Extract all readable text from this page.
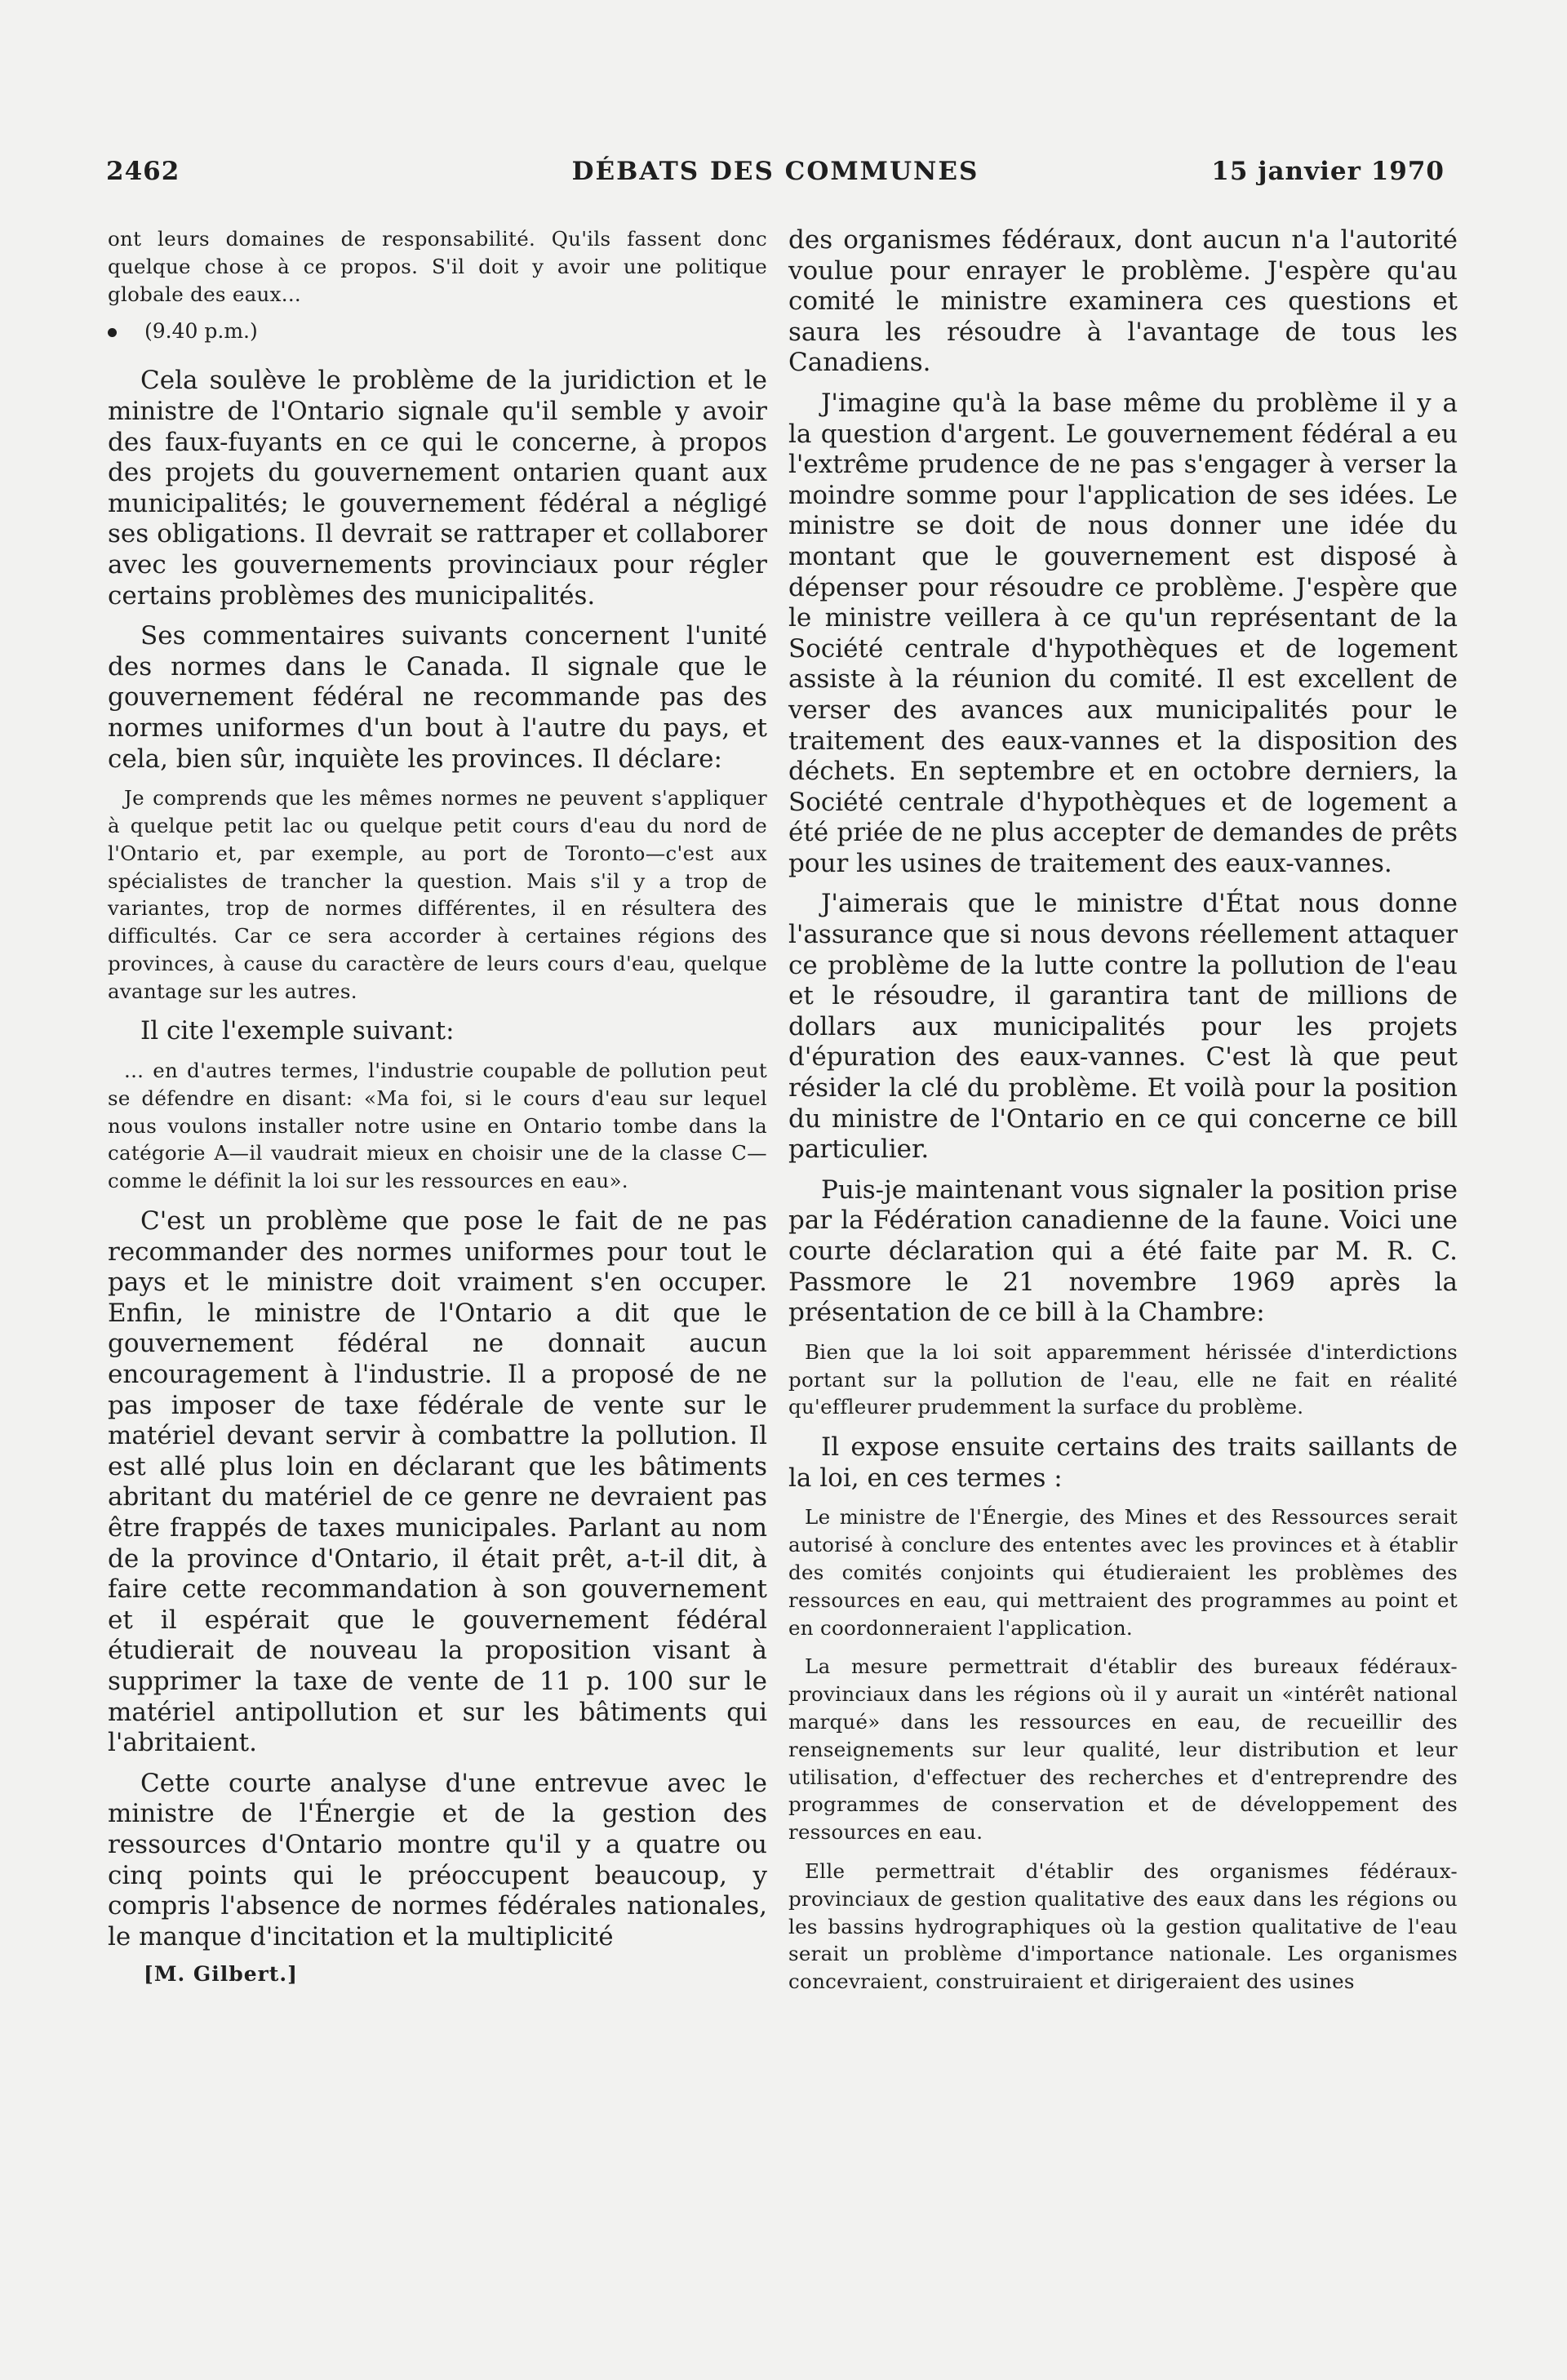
2462	DÉBATS DES COMMUNES	15 janvier 1970

ont leurs domaines de responsabilité. Qu'ils fassent donc quelque chose à ce propos. S'il doit y avoir une politique globale des eaux...

(9.40 p.m.)

Cela soulève le problème de la juridiction et le ministre de l'Ontario signale qu'il semble y avoir des faux-fuyants en ce qui le concerne, à propos des projets du gouvernement ontarien quant aux municipalités; le gouvernement fédéral a négligé ses obligations. Il devrait se rattraper et collaborer avec les gouvernements provinciaux pour régler certains problèmes des municipalités.

Ses commentaires suivants concernent l'unité des normes dans le Canada. Il signale que le gouvernement fédéral ne recommande pas des normes uniformes d'un bout à l'autre du pays, et cela, bien sûr, inquiète les provinces. Il déclare:

Je comprends que les mêmes normes ne peuvent s'appliquer à quelque petit lac ou quelque petit cours d'eau du nord de l'Ontario et, par exemple, au port de Toronto—c'est aux spécialistes de trancher la question. Mais s'il y a trop de variantes, trop de normes différentes, il en résultera des difficultés. Car ce sera accorder à certaines régions des provinces, à cause du caractère de leurs cours d'eau, quelque avantage sur les autres.

Il cite l'exemple suivant:

... en d'autres termes, l'industrie coupable de pollution peut se défendre en disant: «Ma foi, si le cours d'eau sur lequel nous voulons installer notre usine en Ontario tombe dans la catégorie A—il vaudrait mieux en choisir une de la classe C—comme le définit la loi sur les ressources en eau».

C'est un problème que pose le fait de ne pas recommander des normes uniformes pour tout le pays et le ministre doit vraiment s'en occuper. Enfin, le ministre de l'Ontario a dit que le gouvernement fédéral ne donnait aucun encouragement à l'industrie. Il a proposé de ne pas imposer de taxe fédérale de vente sur le matériel devant servir à combattre la pollution. Il est allé plus loin en déclarant que les bâtiments abritant du matériel de ce genre ne devraient pas être frappés de taxes municipales. Parlant au nom de la province d'Ontario, il était prêt, a-t-il dit, à faire cette recommandation à son gouvernement et il espérait que le gouvernement fédéral étudierait de nouveau la proposition visant à supprimer la taxe de vente de 11 p. 100 sur le matériel antipollution et sur les bâtiments qui l'abritaient.

Cette courte analyse d'une entrevue avec le ministre de l'Énergie et de la gestion des ressources d'Ontario montre qu'il y a quatre ou cinq points qui le préoccupent beaucoup, y compris l'absence de normes fédérales nationales, le manque d'incitation et la multiplicité

[M. Gilbert.]

des organismes fédéraux, dont aucun n'a l'autorité voulue pour enrayer le problème. J'espère qu'au comité le ministre examinera ces questions et saura les résoudre à l'avantage de tous les Canadiens.

J'imagine qu'à la base même du problème il y a la question d'argent. Le gouvernement fédéral a eu l'extrême prudence de ne pas s'engager à verser la moindre somme pour l'application de ses idées. Le ministre se doit de nous donner une idée du montant que le gouvernement est disposé à dépenser pour résoudre ce problème. J'espère que le ministre veillera à ce qu'un représentant de la Société centrale d'hypothèques et de logement assiste à la réunion du comité. Il est excellent de verser des avances aux municipalités pour le traitement des eaux-vannes et la disposition des déchets. En septembre et en octobre derniers, la Société centrale d'hypothèques et de logement a été priée de ne plus accepter de demandes de prêts pour les usines de traitement des eaux-vannes.

J'aimerais que le ministre d'État nous donne l'assurance que si nous devons réellement attaquer ce problème de la lutte contre la pollution de l'eau et le résoudre, il garantira tant de millions de dollars aux municipalités pour les projets d'épuration des eaux-vannes. C'est là que peut résider la clé du problème. Et voilà pour la position du ministre de l'Ontario en ce qui concerne ce bill particulier.

Puis-je maintenant vous signaler la position prise par la Fédération canadienne de la faune. Voici une courte déclaration qui a été faite par M. R. C. Passmore le 21 novembre 1969 après la présentation de ce bill à la Chambre:

Bien que la loi soit apparemment hérissée d'interdictions portant sur la pollution de l'eau, elle ne fait en réalité qu'effleurer prudemment la surface du problème.

Il expose ensuite certains des traits saillants de la loi, en ces termes :

Le ministre de l'Énergie, des Mines et des Ressources serait autorisé à conclure des ententes avec les provinces et à établir des comités conjoints qui étudieraient les problèmes des ressources en eau, qui mettraient des programmes au point et en coordonneraient l'application.

La mesure permettrait d'établir des bureaux fédéraux-provinciaux dans les régions où il y aurait un «intérêt national marqué» dans les ressources en eau, de recueillir des renseignements sur leur qualité, leur distribution et leur utilisation, d'effectuer des recherches et d'entreprendre des programmes de conservation et de développement des ressources en eau.

Elle permettrait d'établir des organismes fédéraux-provinciaux de gestion qualitative des eaux dans les régions ou les bassins hydrographiques où la gestion qualitative de l'eau serait un problème d'importance nationale. Les organismes concevraient, construiraient et dirigeraient des usines
